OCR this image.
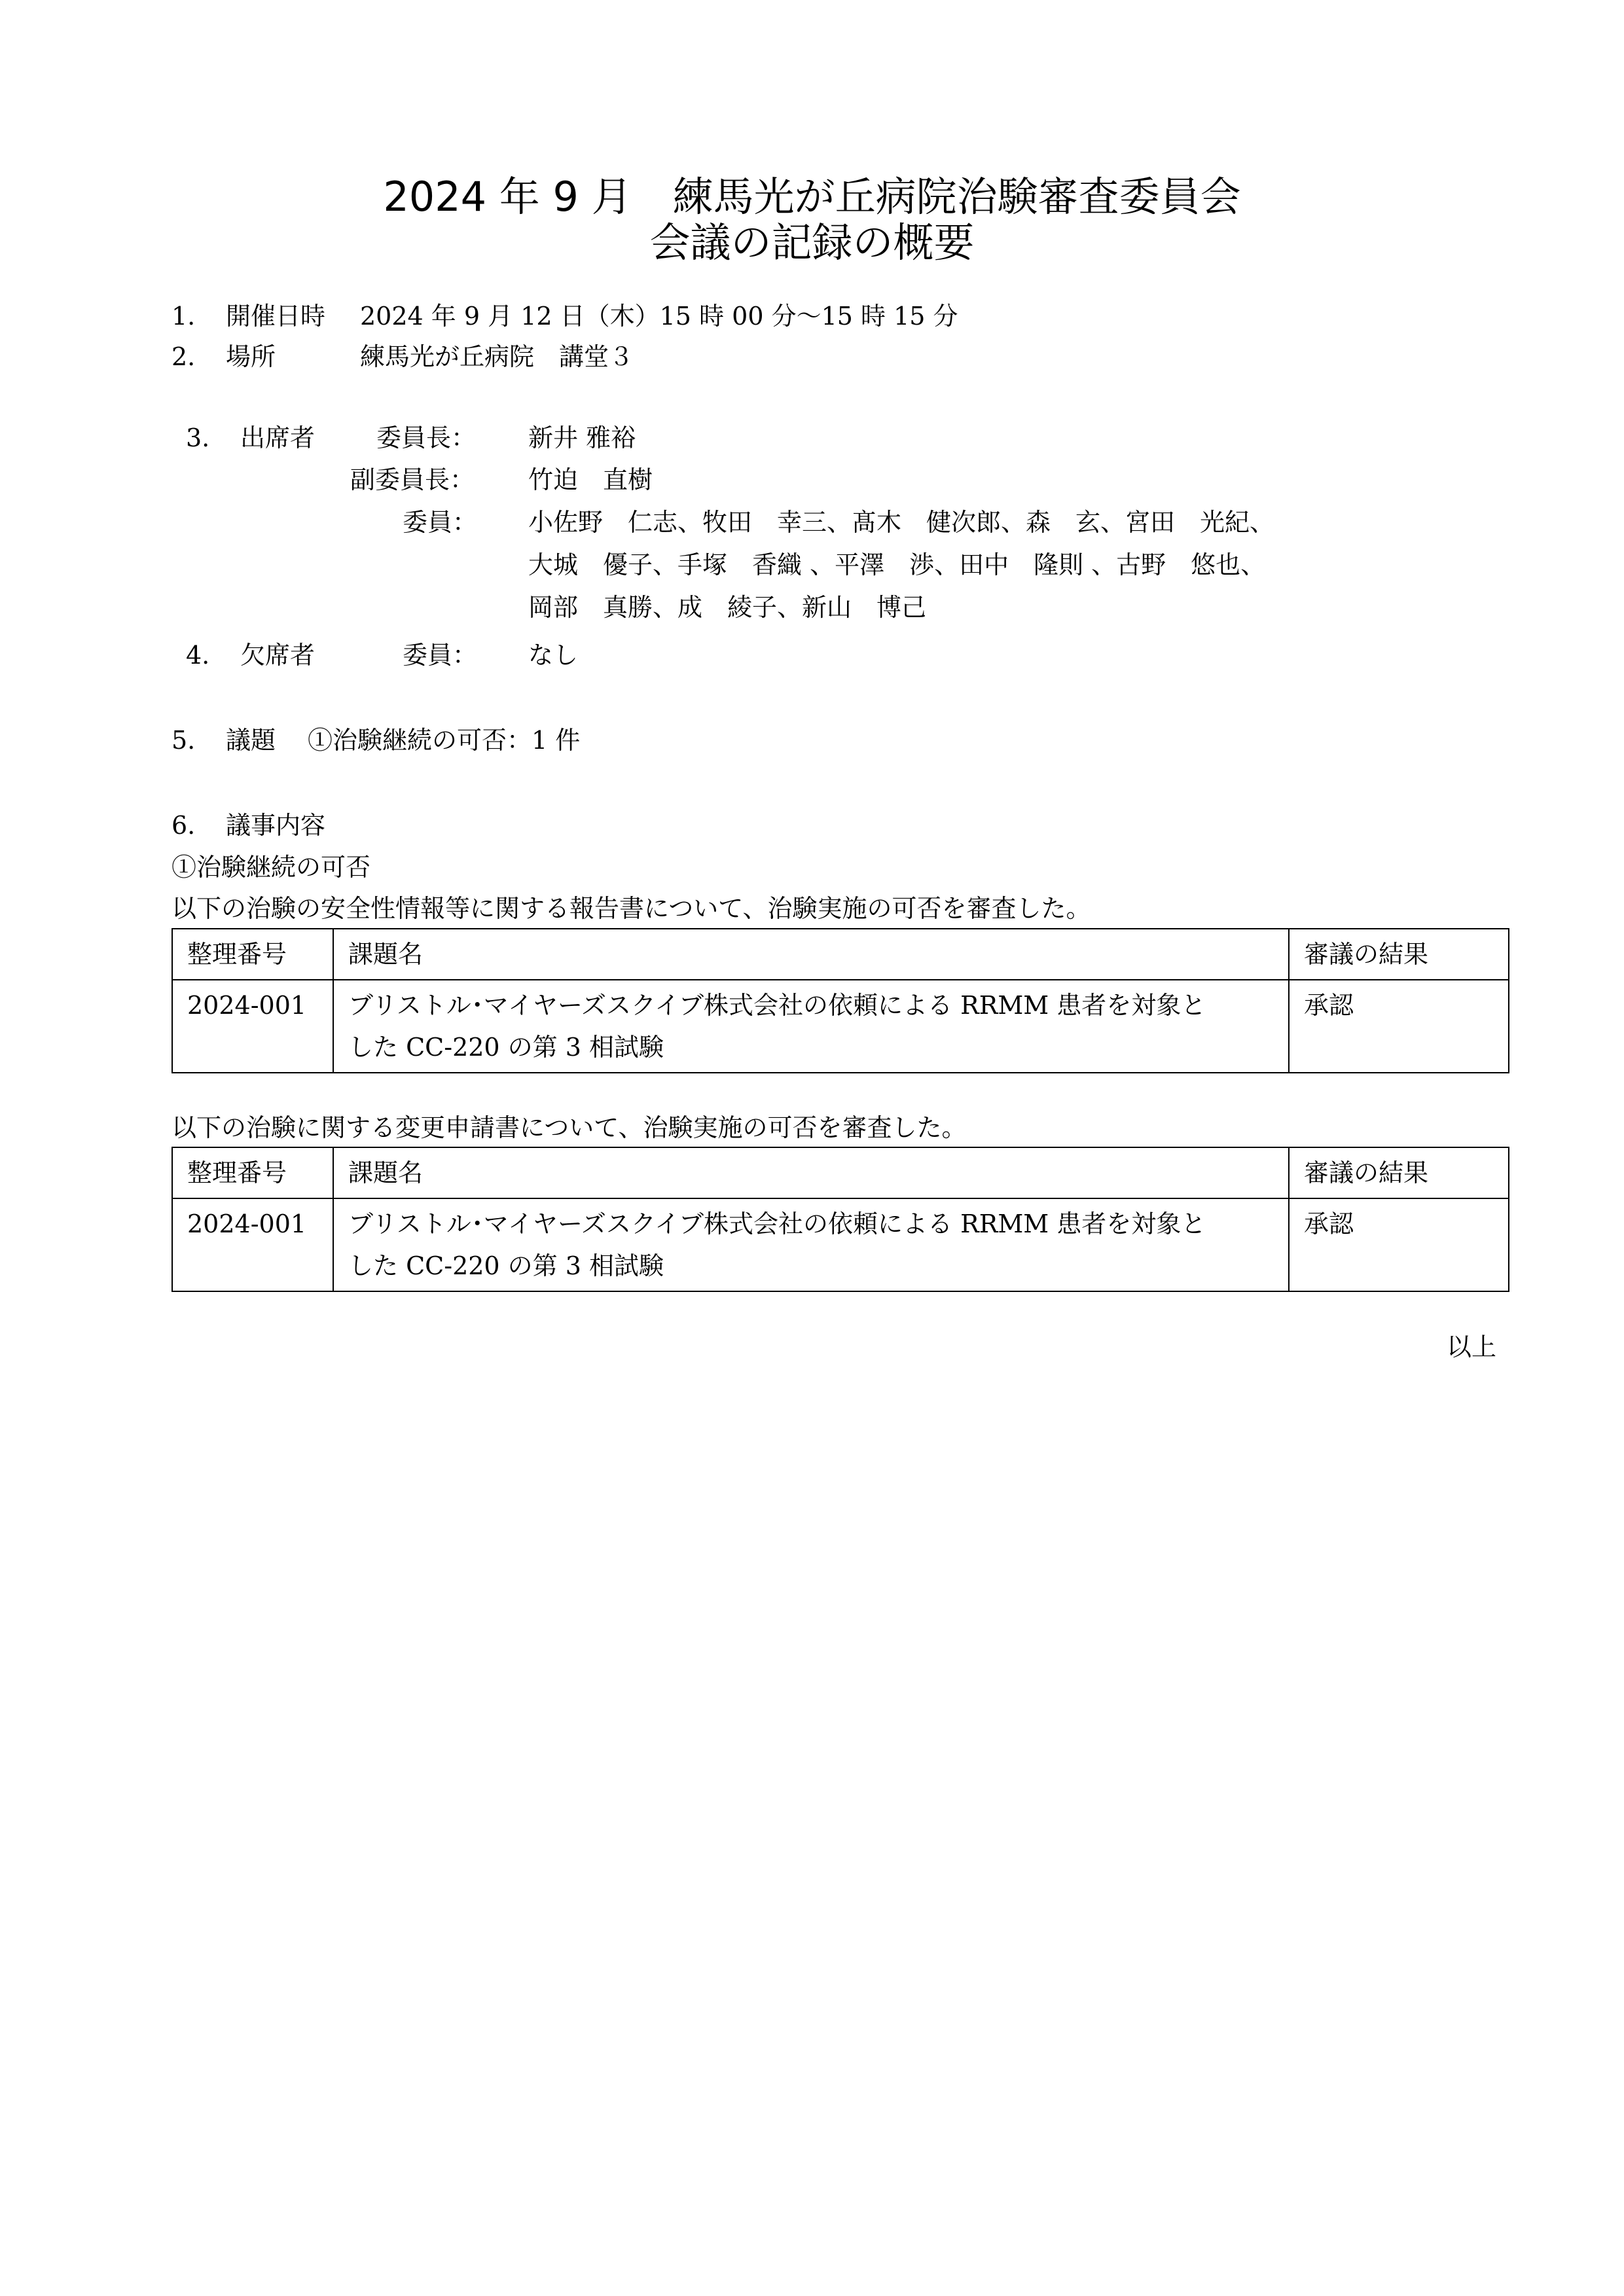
2024 年 9 月　練馬光が丘病院治験審査委員会
会議の記録の概要
1. 開催日時 2024 年 9 月 12 日（木）15 時 00 分～15 時 15 分
2. 場所	練馬光が丘病院　講堂３
3. 出席者 委員長： 新井 雅裕
副委員長： 竹迫　直樹
委員： 小佐野　仁志、牧田　幸三、髙木　健次郎、森　玄、宮田　光紀、
大城　優子、手塚　香織 、平澤　渉、田中　隆則 、古野　悠也、
岡部　真勝、成　綾子、新山　博己
4. 欠席者	委員： なし
5. 議題 ①治験継続の可否：1 件
6. 議事内容
①治験継続の可否
以下の治験の安全性情報等に関する報告書について、治験実施の可否を審査した。
整理番号	課題名	審議の結果
2024-001	ブリストル･マイヤーズスクイブ株式会社の依頼による RRMM 患者を対象と
した CC-220 の第 3 相試験	承認
以下の治験に関する変更申請書について、治験実施の可否を審査した。
整理番号	課題名	審議の結果
2024-001	ブリストル･マイヤーズスクイブ株式会社の依頼による RRMM 患者を対象と
した CC-220 の第 3 相試験	承認
以上
